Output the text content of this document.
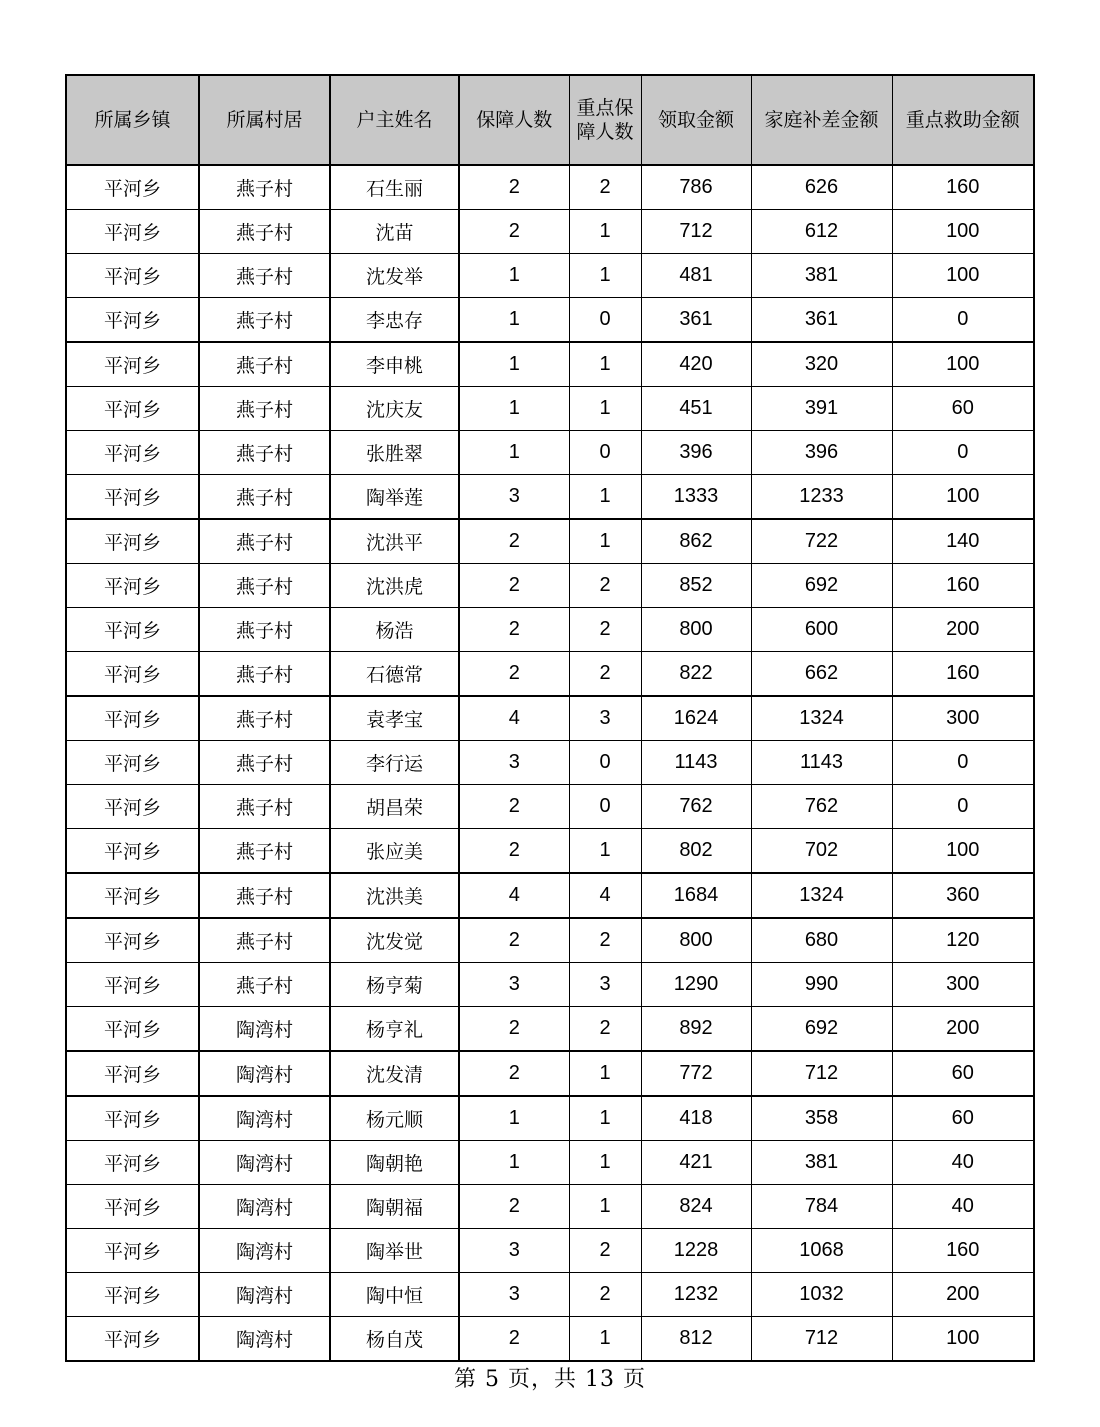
所属乡镇	所属村居	户主姓名	保障人数	重点保障人数	领取金额	家庭补差金额	重点救助金额
平河乡	燕子村	石生丽	2	2	786	626	160
平河乡	燕子村	沈苗	2	1	712	612	100
平河乡	燕子村	沈发举	1	1	481	381	100
平河乡	燕子村	李忠存	1	0	361	361	0
平河乡	燕子村	李申桃	1	1	420	320	100
平河乡	燕子村	沈庆友	1	1	451	391	60
平河乡	燕子村	张胜翠	1	0	396	396	0
平河乡	燕子村	陶举莲	3	1	1333	1233	100
平河乡	燕子村	沈洪平	2	1	862	722	140
平河乡	燕子村	沈洪虎	2	2	852	692	160
平河乡	燕子村	杨浩	2	2	800	600	200
平河乡	燕子村	石德常	2	2	822	662	160
平河乡	燕子村	袁孝宝	4	3	1624	1324	300
平河乡	燕子村	李行运	3	0	1143	1143	0
平河乡	燕子村	胡昌荣	2	0	762	762	0
平河乡	燕子村	张应美	2	1	802	702	100
平河乡	燕子村	沈洪美	4	4	1684	1324	360
平河乡	燕子村	沈发觉	2	2	800	680	120
平河乡	燕子村	杨亨菊	3	3	1290	990	300
平河乡	陶湾村	杨亨礼	2	2	892	692	200
平河乡	陶湾村	沈发清	2	1	772	712	60
平河乡	陶湾村	杨元顺	1	1	418	358	60
平河乡	陶湾村	陶朝艳	1	1	421	381	40
平河乡	陶湾村	陶朝福	2	1	824	784	40
平河乡	陶湾村	陶举世	3	2	1228	1068	160
平河乡	陶湾村	陶中恒	3	2	1232	1032	200
平河乡	陶湾村	杨自茂	2	1	812	712	100
第 5 页，共 13 页
